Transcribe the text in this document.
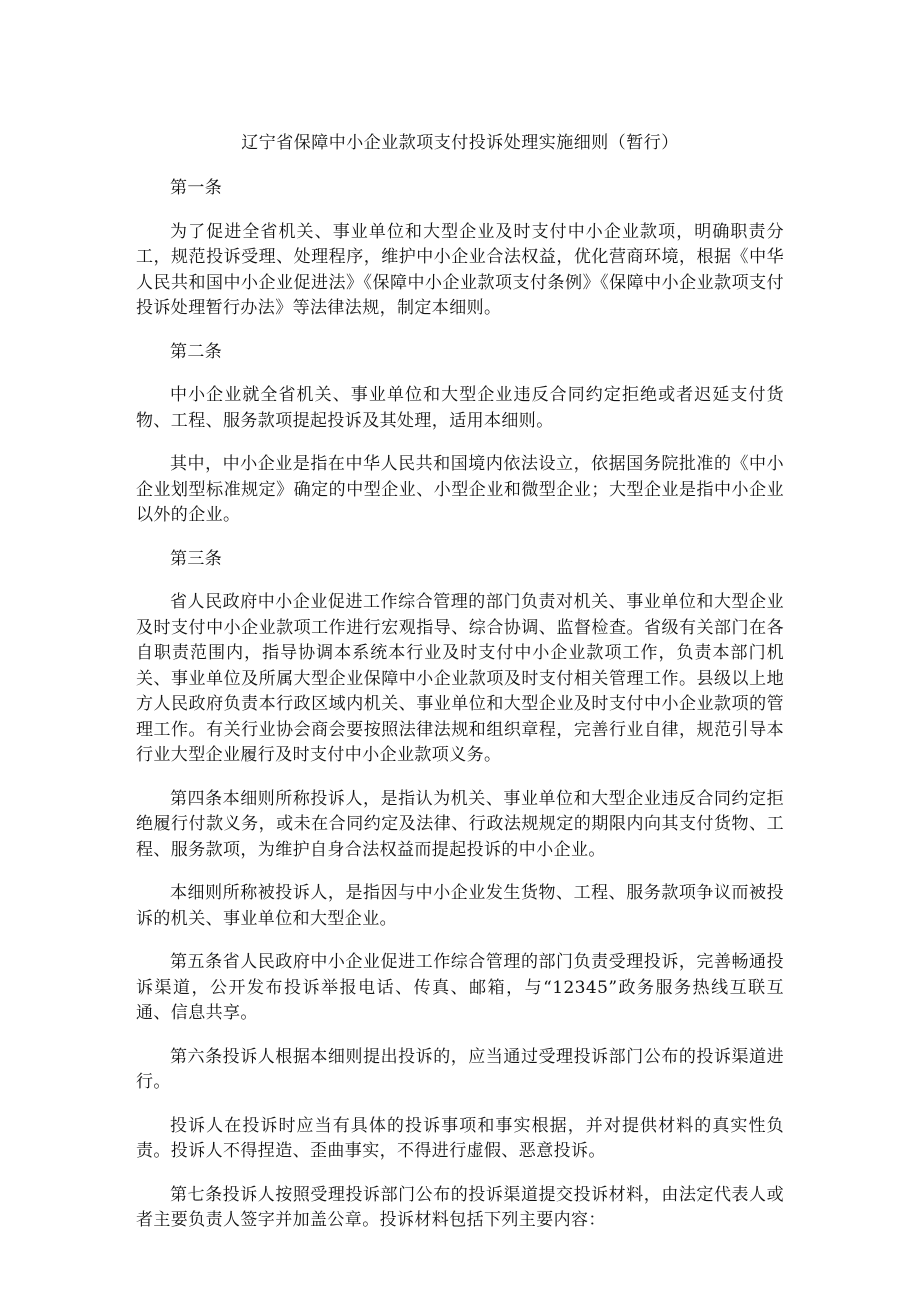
辽宁省保障中小企业款项支付投诉处理实施细则（暂行）
第一条
为了促进全省机关、事业单位和大型企业及时支付中小企业款项，明确职责分工，规范投诉受理、处理程序，维护中小企业合法权益，优化营商环境，根据《中华人民共和国中小企业促进法》《保障中小企业款项支付条例》《保障中小企业款项支付投诉处理暂行办法》等法律法规，制定本细则。
第二条
中小企业就全省机关、事业单位和大型企业违反合同约定拒绝或者迟延支付货物、工程、服务款项提起投诉及其处理，适用本细则。
其中，中小企业是指在中华人民共和国境内依法设立，依据国务院批准的《中小企业划型标准规定》确定的中型企业、小型企业和微型企业；大型企业是指中小企业以外的企业。
第三条
省人民政府中小企业促进工作综合管理的部门负责对机关、事业单位和大型企业及时支付中小企业款项工作进行宏观指导、综合协调、监督检查。省级有关部门在各自职责范围内，指导协调本系统本行业及时支付中小企业款项工作，负责本部门机关、事业单位及所属大型企业保障中小企业款项及时支付相关管理工作。县级以上地方人民政府负责本行政区域内机关、事业单位和大型企业及时支付中小企业款项的管理工作。有关行业协会商会要按照法律法规和组织章程，完善行业自律，规范引导本行业大型企业履行及时支付中小企业款项义务。
第四条本细则所称投诉人，是指认为机关、事业单位和大型企业违反合同约定拒绝履行付款义务，或未在合同约定及法律、行政法规规定的期限内向其支付货物、工程、服务款项，为维护自身合法权益而提起投诉的中小企业。
本细则所称被投诉人，是指因与中小企业发生货物、工程、服务款项争议而被投诉的机关、事业单位和大型企业。
第五条省人民政府中小企业促进工作综合管理的部门负责受理投诉，完善畅通投诉渠道，公开发布投诉举报电话、传真、邮箱，与“12345”政务服务热线互联互通、信息共享。
第六条投诉人根据本细则提出投诉的，应当通过受理投诉部门公布的投诉渠道进行。
投诉人在投诉时应当有具体的投诉事项和事实根据，并对提供材料的真实性负责。投诉人不得捏造、歪曲事实，不得进行虚假、恶意投诉。
第七条投诉人按照受理投诉部门公布的投诉渠道提交投诉材料，由法定代表人或者主要负责人签字并加盖公章。投诉材料包括下列主要内容：
